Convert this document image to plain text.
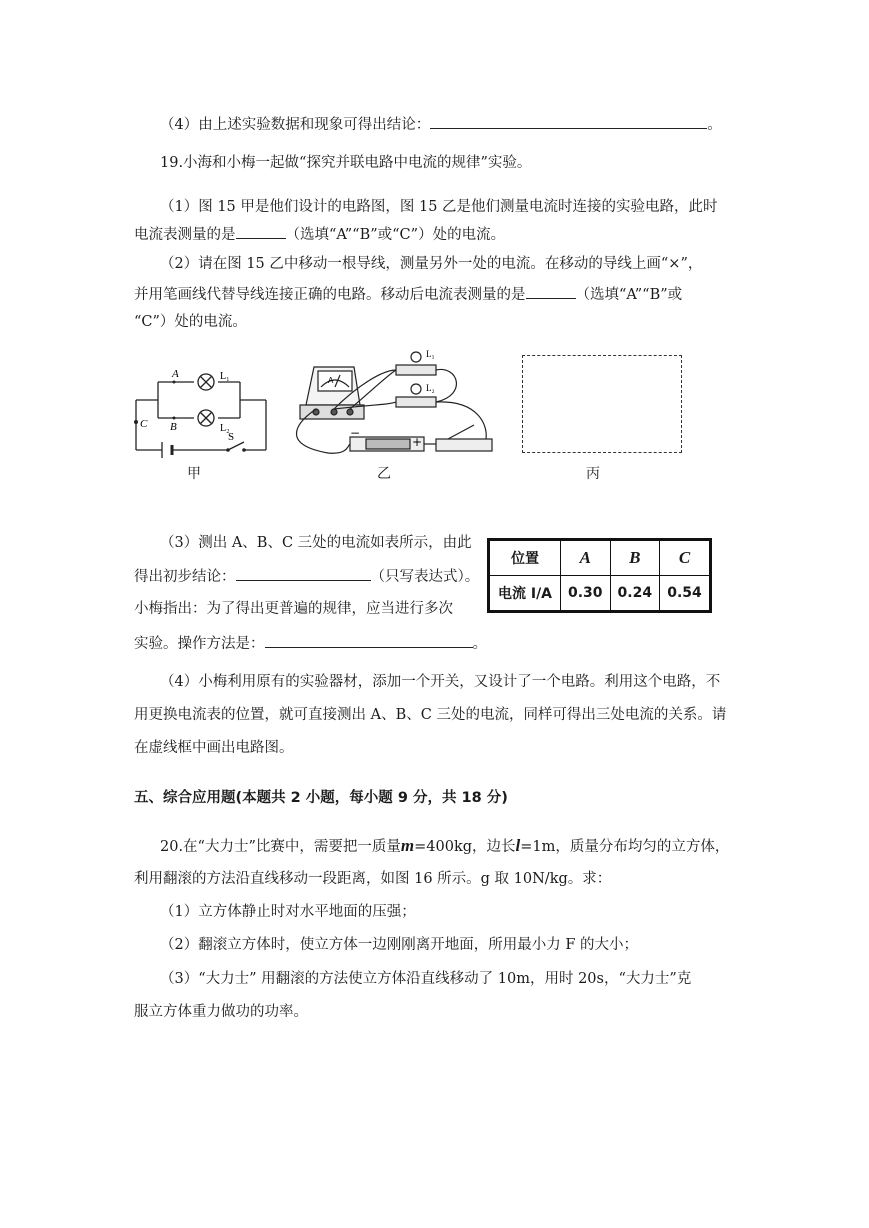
（4）由上述实验数据和现象可得出结论：	。
19.小海和小梅一起做“探究并联电路中电流的规律”实验。
（1）图 15 甲是他们设计的电路图，图 15 乙是他们测量电流时连接的实验电路，此时
电流表测量的是	（选填“A”“B”或“C”）处的电流。
（2）请在图 15 乙中移动一根导线，测量另外一处的电流。在移动的导线上画“×”，
并用笔画线代替导线连接正确的电路。移动后电流表测量的是	（选填“A”“B”或
“C”）处的电流。
A
B
C
L₁
L₂
S
甲
A
L₁
L₂
+
−
乙	丙
（3）测出 A、B、C 三处的电流如表所示，由此
得出初步结论：	（只写表达式）。
小梅指出：为了得出更普遍的规律，应当进行多次
实验。操作方法是：	。
位置	A	B	C
电流 I/A	0.30	0.24	0.54
（4）小梅利用原有的实验器材，添加一个开关，又设计了一个电路。利用这个电路，不
用更换电流表的位置，就可直接测出 A、B、C 三处的电流，同样可得出三处电流的关系。请
在虚线框中画出电路图。
五、综合应用题(本题共 2 小题，每小题 9 分，共 18 分)
20.在“大力士”比赛中，需要把一质量m=400kg，边长l=1m，质量分布均匀的立方体，
利用翻滚的方法沿直线移动一段距离，如图 16 所示。g 取 10N/kg。求：
（1）立方体静止时对水平地面的压强；
（2）翻滚立方体时，使立方体一边刚刚离开地面，所用最小力 F 的大小；
（3）“大力士” 用翻滚的方法使立方体沿直线移动了 10m，用时 20s，“大力士”克
服立方体重力做功的功率。
